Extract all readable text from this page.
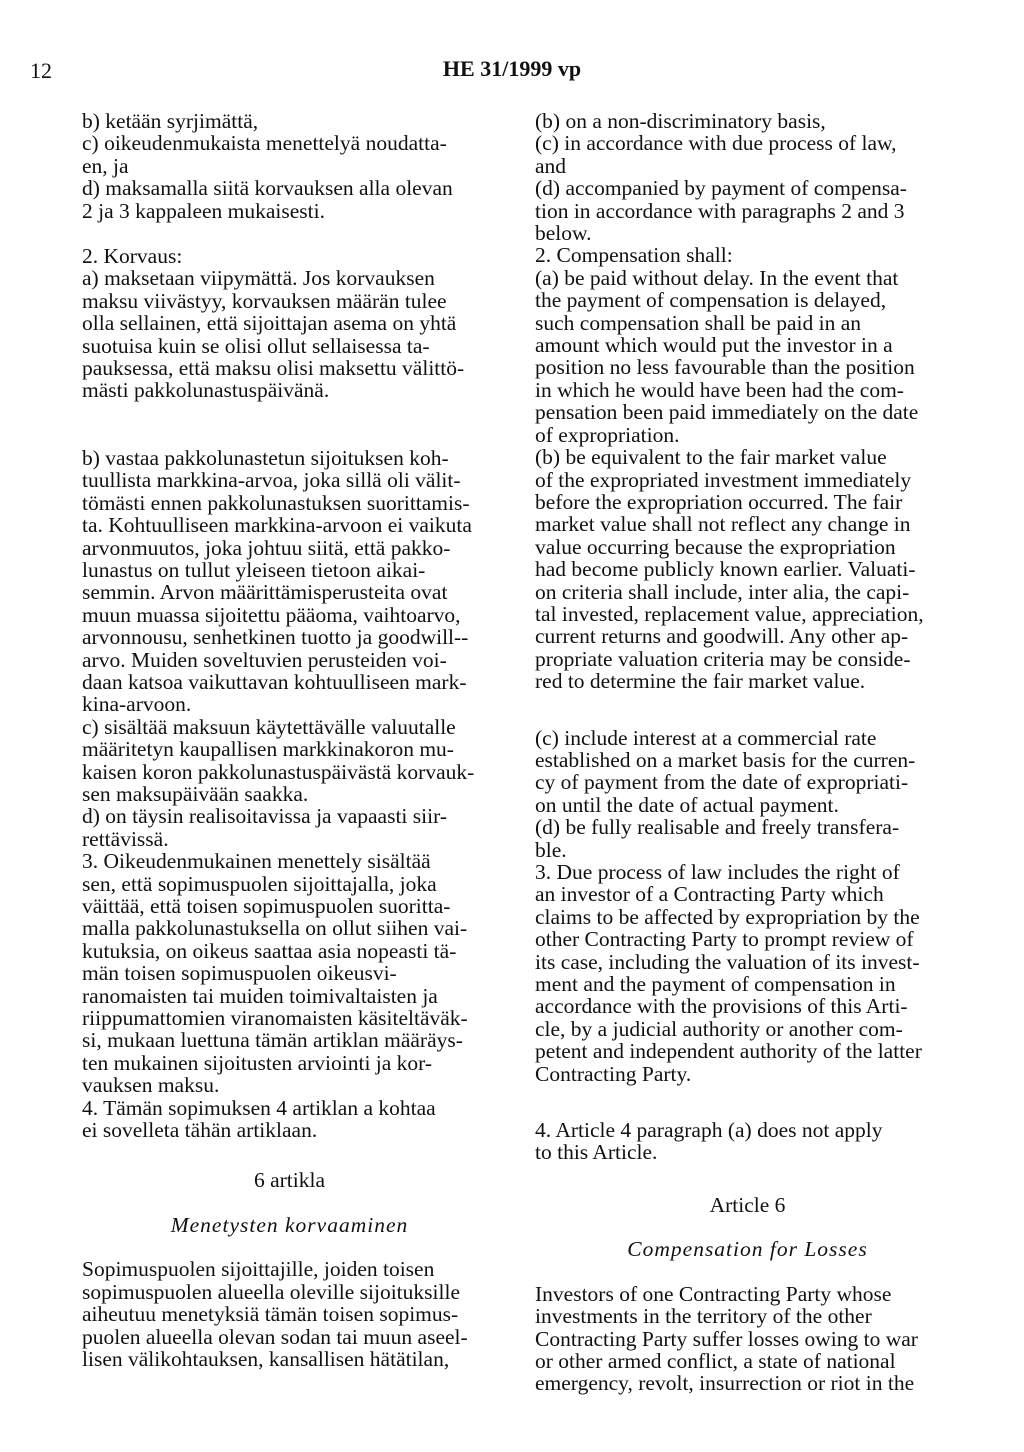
12	HE 31/1999 vp
b) ketään syrjimättä,
c) oikeudenmukaista menettelyä noudatta-
en, ja
d) maksamalla siitä korvauksen alla olevan
2 ja 3 kappaleen mukaisesti.
2. Korvaus:
a) maksetaan viipymättä. Jos korvauksen
maksu viivästyy, korvauksen määrän tulee
olla sellainen, että sijoittajan asema on yhtä
suotuisa kuin se olisi ollut sellaisessa ta-
pauksessa, että maksu olisi maksettu välittö-
mästi pakkolunastuspäivänä.
b) vastaa pakkolunastetun sijoituksen koh-
tuullista markkina-arvoa, joka sillä oli välit-
tömästi ennen pakkolunastuksen suorittamis-
ta. Kohtuulliseen markkina-arvoon ei vaikuta
arvonmuutos, joka johtuu siitä, että pakko-
lunastus on tullut yleiseen tietoon aikai-
semmin. Arvon määrittämisperusteita ovat
muun muassa sijoitettu pääoma, vaihtoarvo,
arvonnousu, senhetkinen tuotto ja goodwill--
arvo. Muiden soveltuvien perusteiden voi-
daan katsoa vaikuttavan kohtuulliseen mark-
kina-arvoon.
c) sisältää maksuun käytettävälle valuutalle
määritetyn kaupallisen markkinakoron mu-
kaisen koron pakkolunastuspäivästä korvauk-
sen maksupäivään saakka.
d) on täysin realisoitavissa ja vapaasti siir-
rettävissä.
3. Oikeudenmukainen menettely sisältää
sen, että sopimuspuolen sijoittajalla, joka
väittää, että toisen sopimuspuolen suoritta-
malla pakkolunastuksella on ollut siihen vai-
kutuksia, on oikeus saattaa asia nopeasti tä-
män toisen sopimuspuolen oikeusvi-
ranomaisten tai muiden toimivaltaisten ja
riippumattomien viranomaisten käsiteltäväk-
si, mukaan luettuna tämän artiklan määräys-
ten mukainen sijoitusten arviointi ja kor-
vauksen maksu.
4. Tämän sopimuksen 4 artiklan a kohtaa
ei sovelleta tähän artiklaan.
6 artikla
Menetysten korvaaminen
Sopimuspuolen sijoittajille, joiden toisen
sopimuspuolen alueella oleville sijoituksille
aiheutuu menetyksiä tämän toisen sopimus-
puolen alueella olevan sodan tai muun aseel-
lisen välikohtauksen, kansallisen hätätilan,
(b) on a non-discriminatory basis,
(c) in accordance with due process of law,
and
(d) accompanied by payment of compensa-
tion in accordance with paragraphs 2 and 3
below.
2. Compensation shall:
(a) be paid without delay. In the event that
the payment of compensation is delayed,
such compensation shall be paid in an
amount which would put the investor in a
position no less favourable than the position
in which he would have been had the com-
pensation been paid immediately on the date
of expropriation.
(b) be equivalent to the fair market value
of the expropriated investment immediately
before the expropriation occurred. The fair
market value shall not reflect any change in
value occurring because the expropriation
had become publicly known earlier. Valuati-
on criteria shall include, inter alia, the capi-
tal invested, replacement value, appreciation,
current returns and goodwill. Any other ap-
propriate valuation criteria may be conside-
red to determine the fair market value.
(c) include interest at a commercial rate
established on a market basis for the curren-
cy of payment from the date of expropriati-
on until the date of actual payment.
(d) be fully realisable and freely transfera-
ble.
3. Due process of law includes the right of
an investor of a Contracting Party which
claims to be affected by expropriation by the
other Contracting Party to prompt review of
its case, including the valuation of its invest-
ment and the payment of compensation in
accordance with the provisions of this Arti-
cle, by a judicial authority or another com-
petent and independent authority of the latter
Contracting Party.
4. Article 4 paragraph (a) does not apply
to this Article.
Article 6
Compensation for Losses
Investors of one Contracting Party whose
investments in the territory of the other
Contracting Party suffer losses owing to war
or other armed conflict, a state of national
emergency, revolt, insurrection or riot in the
